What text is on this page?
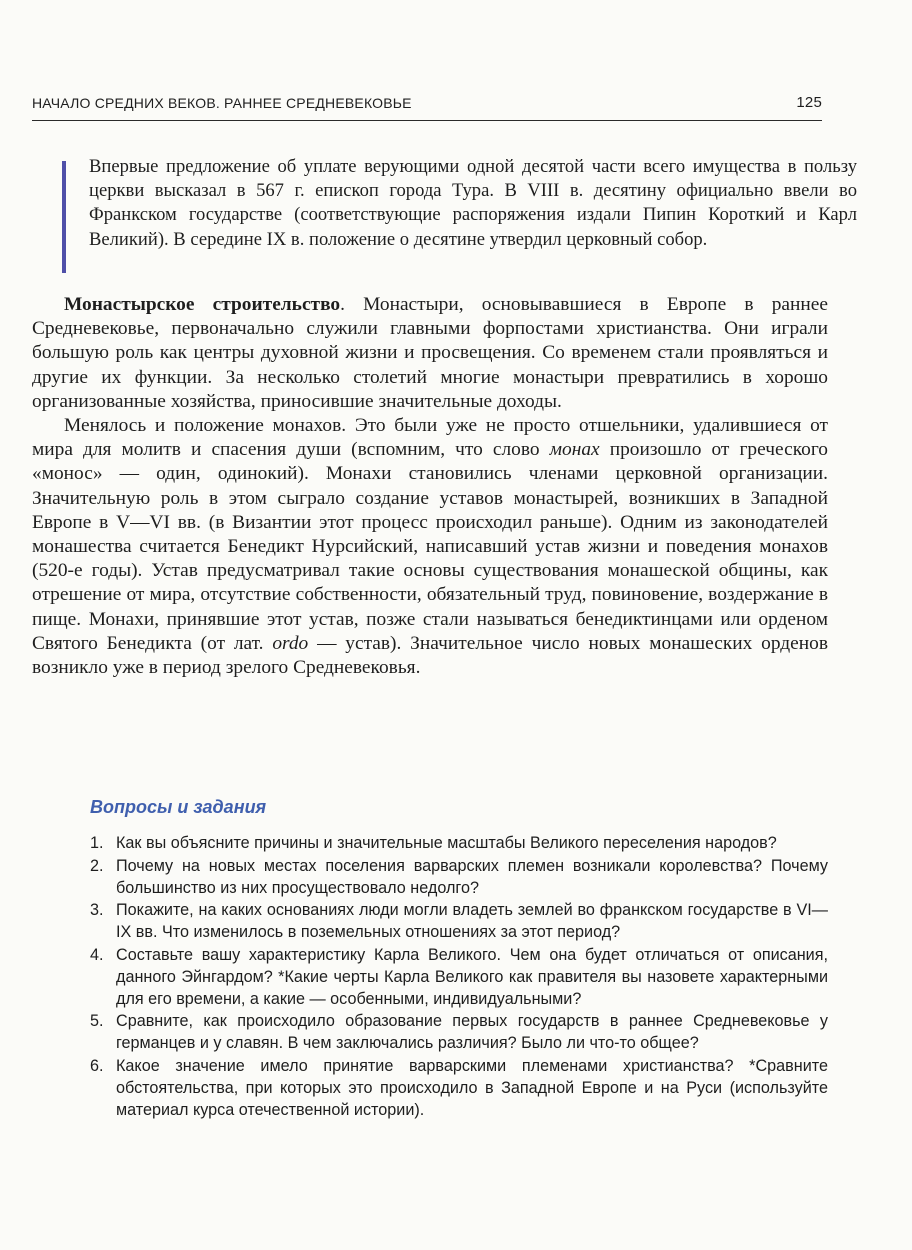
НАЧАЛО СРЕДНИХ ВЕКОВ. РАННЕЕ СРЕДНЕВЕКОВЬЕ	125
Впервые предложение об уплате верующими одной десятой части всего имущества в пользу церкви высказал в 567 г. епископ города Тура. В VIII в. десятину официально ввели во Франкском государстве (соответствующие распоряжения издали Пипин Короткий и Карл Великий). В середине IX в. положение о десятине утвердил церковный собор.

Монастырское строительство. Монастыри, основывавшиеся в Европе в раннее Средневековье, первоначально служили главными форпостами христианства. Они играли большую роль как центры духовной жизни и просвещения. Со временем стали проявляться и другие их функции. За несколько столетий многие монастыри превратились в хорошо организованные хозяйства, приносившие значительные доходы.

Менялось и положение монахов. Это были уже не просто отшельники, удалившиеся от мира для молитв и спасения души (вспомним, что слово монах произошло от греческого «монос» — один, одинокий). Монахи становились членами церковной организации. Значительную роль в этом сыграло создание уставов монастырей, возникших в Западной Европе в V—VI вв. (в Византии этот процесс происходил раньше). Одним из законодателей монашества считается Бенедикт Нурсийский, написавший устав жизни и поведения монахов (520-е годы). Устав предусматривал такие основы существования монашеской общины, как отрешение от мира, отсутствие собственности, обязательный труд, повиновение, воздержание в пище. Монахи, принявшие этот устав, позже стали называться бенедиктинцами или орденом Святого Бенедикта (от лат. ordo — устав). Значительное число новых монашеских орденов возникло уже в период зрелого Средневековья.

Вопросы и задания
1. Как вы объясните причины и значительные масштабы Великого переселения народов?
2. Почему на новых местах поселения варварских племен возникали королевства? Почему большинство из них просуществовало недолго?
3. Покажите, на каких основаниях люди могли владеть землей во франкском государстве в VI—IX вв. Что изменилось в поземельных отношениях за этот период?
4. Составьте вашу характеристику Карла Великого. Чем она будет отличаться от описания, данного Эйнгардом? *Какие черты Карла Великого как правителя вы назовете характерными для его времени, а какие — особенными, индивидуальными?
5. Сравните, как происходило образование первых государств в раннее Средневековье у германцев и у славян. В чем заключались различия? Было ли что-то общее?
6. Какое значение имело принятие варварскими племенами христианства? *Сравните обстоятельства, при которых это происходило в Западной Европе и на Руси (используйте материал курса отечественной истории).
